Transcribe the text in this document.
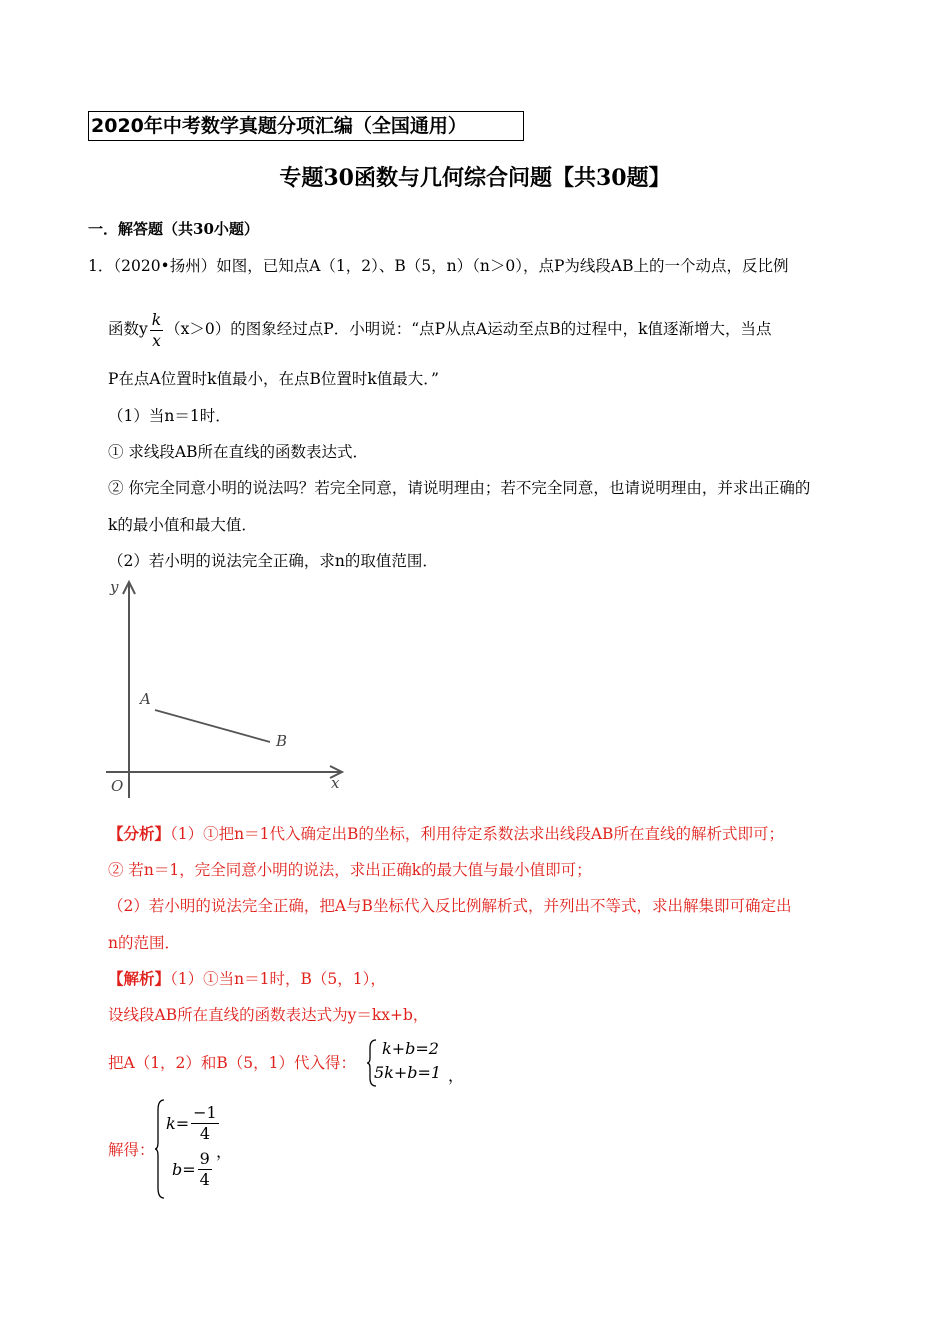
2020年中考数学真题分项汇编（全国通用）
专题30函数与几何综合问题【共30题】
一．解答题（共30小题）
1．（2020•扬州）如图，已知点A（1，2）、B（5，n）（n＞0），点P为线段AB上的一个动点，反比例
函数y $\frac{k}{x} (x>0)$的图象经过点P．小明说：“点P从点A运动至点B的过程中，k值逐渐增大，当点
P在点A位置时k值最小，在点B位置时k值最大．”
（1）当n＝1时．
① 求线段AB所在直线的函数表达式．
② 你完全同意小明的说法吗？若完全同意，请说明理由；若不完全同意，也请说明理由，并求出正确的
k的最小值和最大值．
（2）若小明的说法完全正确，求n的取值范围．
y
x
O
A
B
【分析】（1）①把n＝1代入确定出B的坐标，利用待定系数法求出线段AB所在直线的解析式即可；
② 若n＝1，完全同意小明的说法，求出正确k的最大值与最小值即可；
（2）若小明的说法完全正确，把A与B坐标代入反比例解析式，并列出不等式，求出解集即可确定出
n的范围．
【解析】（1）①当n＝1时，B（5，1），
设线段AB所在直线的函数表达式为y＝kx+b，
把A（1，2）和B（5，1）代入得：
k+b=2
5k+b=1 ，
解得：
$k= \frac{-1}{4}$
$b= \frac{9}{4}$ ，
